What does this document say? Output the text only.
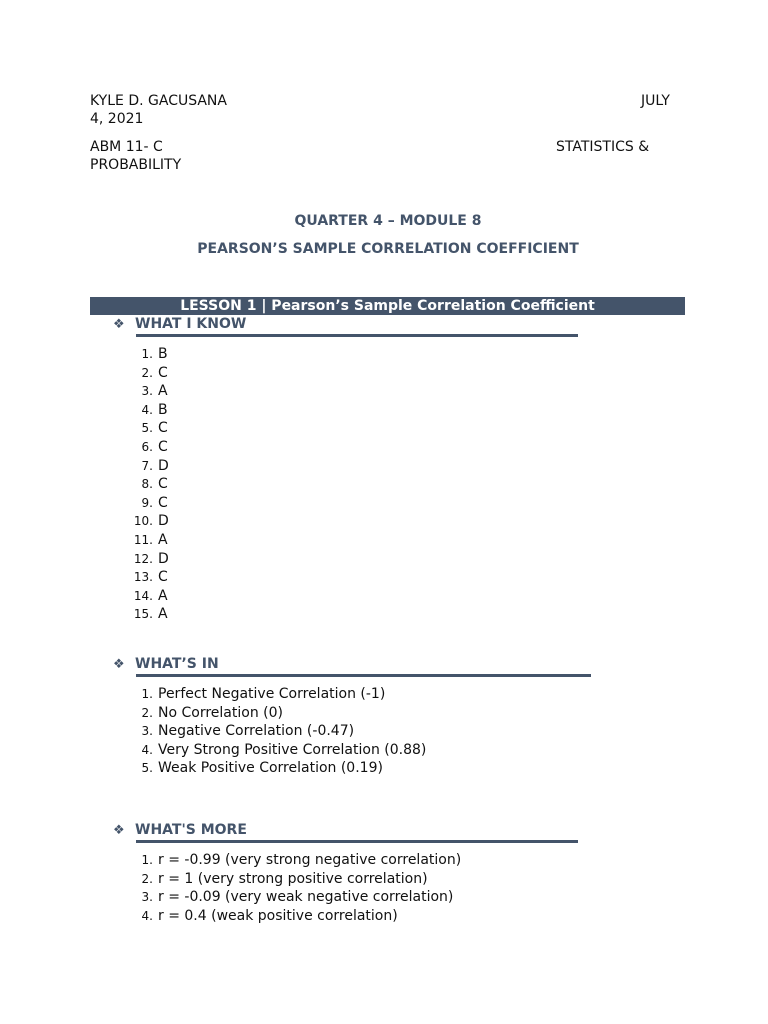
KYLE D. GACUSANA	JULY
4, 2021
ABM 11- C	STATISTICS &
PROBABILITY
QUARTER 4 – MODULE 8
PEARSON’S SAMPLE CORRELATION COEFFICIENT
LESSON 1 | Pearson’s Sample Correlation Coefficient
❖ WHAT I KNOW
1. B
2. C
3. A
4. B
5. C
6. C
7. D
8. C
9. C
10. D
11. A
12. D
13. C
14. A
15. A
❖ WHAT’S IN
1. Perfect Negative Correlation (-1)
2. No Correlation (0)
3. Negative Correlation (-0.47)
4. Very Strong Positive Correlation (0.88)
5. Weak Positive Correlation (0.19)
❖ WHAT'S MORE
1. r = -0.99 (very strong negative correlation)
2. r = 1 (very strong positive correlation)
3. r = -0.09 (very weak negative correlation)
4. r = 0.4 (weak positive correlation)
